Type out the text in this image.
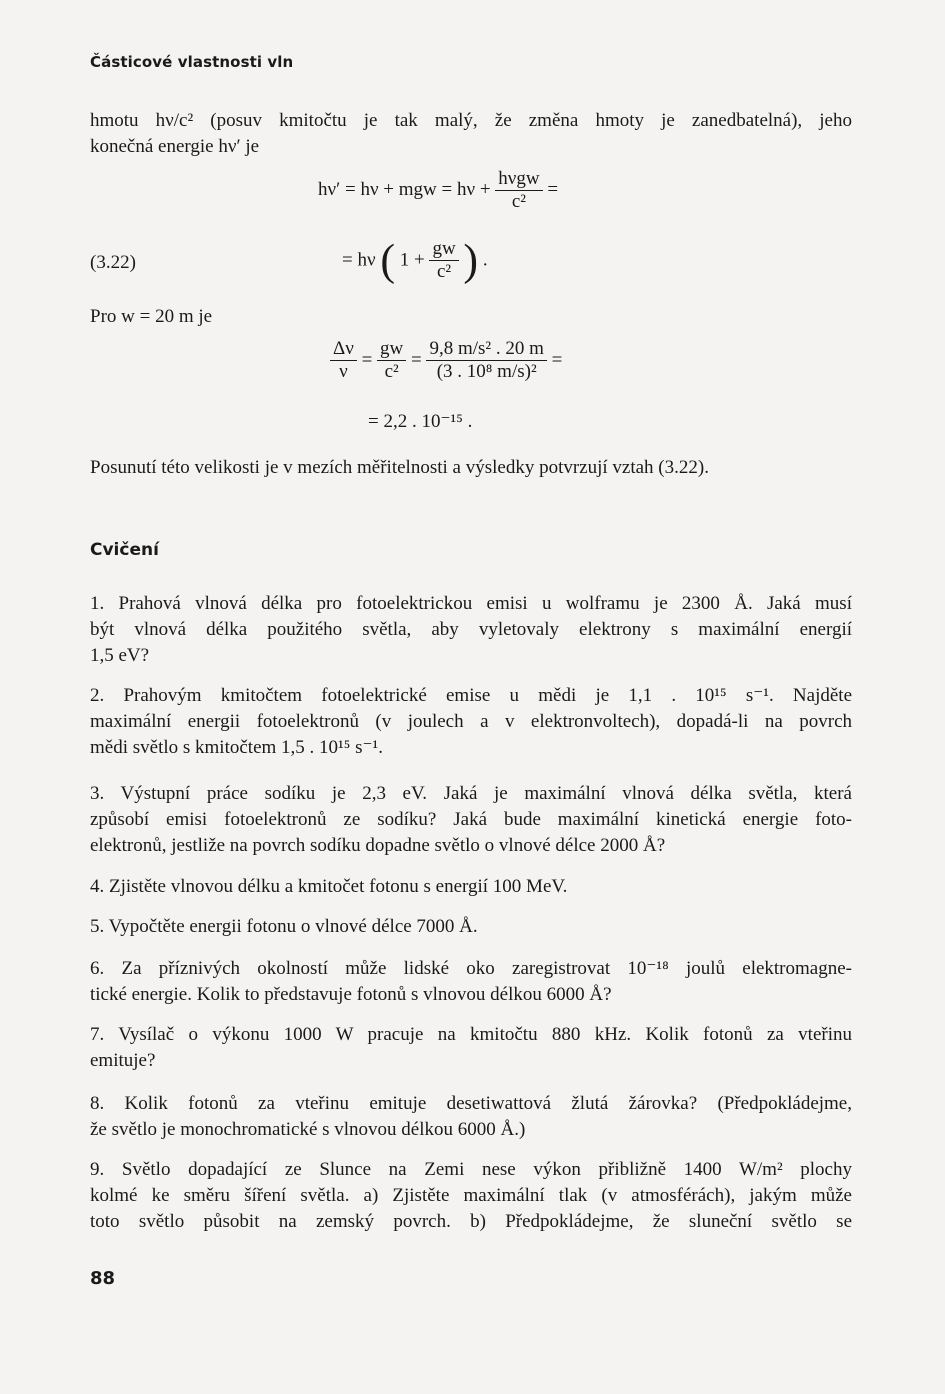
Částicové vlastnosti vln
hmotu hν/c² (posuv kmitočtu je tak malý, že změna hmoty je zanedbatelná), jeho
konečná energie hν′ je
hν′ = hν + mgw = $h\nu + \frac{\text{hνgw}}{\text{c²}}$ =
(3.22)	= hν ( $1 + \frac{gw}{\text{c²}}$ ) .
Pro w = 20 m je
$\frac{\Delta\nu}{\nu} = \frac{gw}{\text{c²}} = \frac{\text{9,8 m/s² . 20 m}}{\text{(3 . 10⁸ m/s)²}}$ =
= 2,2 . 10⁻¹⁵ .
Posunutí této velikosti je v mezích měřitelnosti a výsledky potvrzují vztah (3.22).
Cvičení
1. Prahová vlnová délka pro fotoelektrickou emisi u wolframu je 2300 Å. Jaká musí
být vlnová délka použitého světla, aby vyletovaly elektrony s maximální energií
1,5 eV?
2. Prahovým kmitočtem fotoelektrické emise u mědi je 1,1 . 10¹⁵ s⁻¹. Najděte
maximální energii fotoelektronů (v joulech a v elektronvoltech), dopadá-li na povrch
mědi světlo s kmitočtem 1,5 . 10¹⁵ s⁻¹.
3. Výstupní práce sodíku je 2,3 eV. Jaká je maximální vlnová délka světla, která
způsobí emisi fotoelektronů ze sodíku? Jaká bude maximální kinetická energie foto-
elektronů, jestliže na povrch sodíku dopadne světlo o vlnové délce 2000 Å?
4. Zjistěte vlnovou délku a kmitočet fotonu s energií 100 MeV.
5. Vypočtěte energii fotonu o vlnové délce 7000 Å.
6. Za příznivých okolností může lidské oko zaregistrovat 10⁻¹⁸ joulů elektromagne-
tické energie. Kolik to představuje fotonů s vlnovou délkou 6000 Å?
7. Vysílač o výkonu 1000 W pracuje na kmitočtu 880 kHz. Kolik fotonů za vteřinu
emituje?
8. Kolik fotonů za vteřinu emituje desetiwattová žlutá žárovka? (Předpokládejme,
že světlo je monochromatické s vlnovou délkou 6000 Å.)
9. Světlo dopadající ze Slunce na Zemi nese výkon přibližně 1400 W/m² plochy
kolmé ke směru šíření světla. a) Zjistěte maximální tlak (v atmosférách), jakým může
toto světlo působit na zemský povrch. b) Předpokládejme, že sluneční světlo se
88
